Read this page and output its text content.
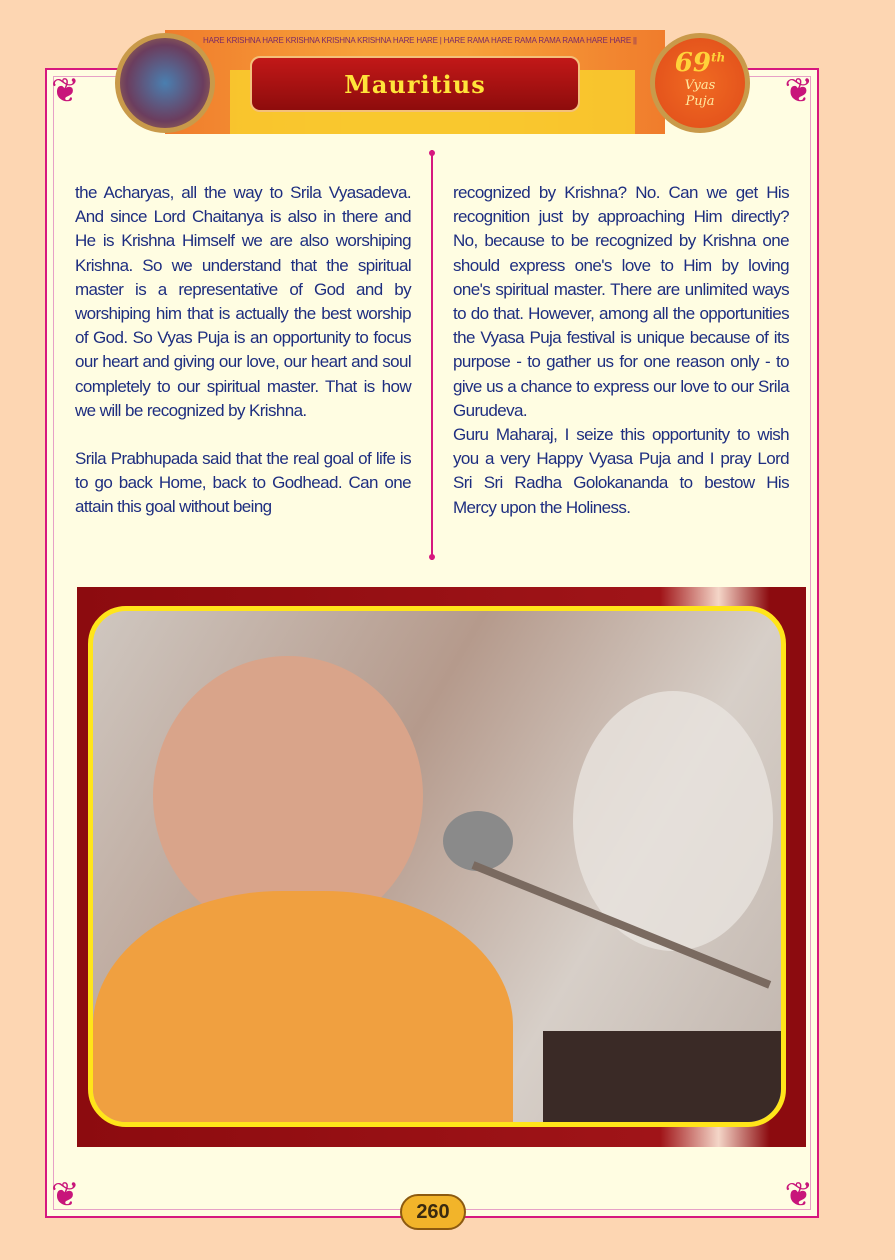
❦	❦
❦	❦
HARE KRISHNA HARE KRISHNA KRISHNA KRISHNA HARE HARE | HARE RAMA HARE RAMA RAMA RAMA HARE HARE ||
Mauritius
69th
Vyas
Puja

the Acharyas, all the way to Srila Vyasadeva. And since Lord Chaitanya is also in there and He is Krishna Himself we are also worshiping Krishna. So we understand that the spiritual master is a representative of God and by worshiping him that is actually the best worship of God. So Vyas Puja is an opportunity to focus our heart and giving our love, our heart and soul completely to our spiritual master. That is how we will be recognized by Krishna.

Srila Prabhupada said that the real goal of life is to go back Home, back to Godhead. Can one attain this goal without being

recognized by Krishna? No. Can we get His recognition just by approaching Him directly? No, because to be recognized by Krishna one should express one's love to Him by loving one's spiritual master. There are unlimited ways to do that. However, among all the opportunities the Vyasa Puja festival is unique because of its purpose - to gather us for one reason only - to give us a chance to express our love to our Srila Gurudeva.

Guru Maharaj, I seize this opportunity to wish you a very Happy Vyasa Puja and I pray Lord Sri Sri Radha Golokananda to bestow His Mercy upon the Holiness.

260
